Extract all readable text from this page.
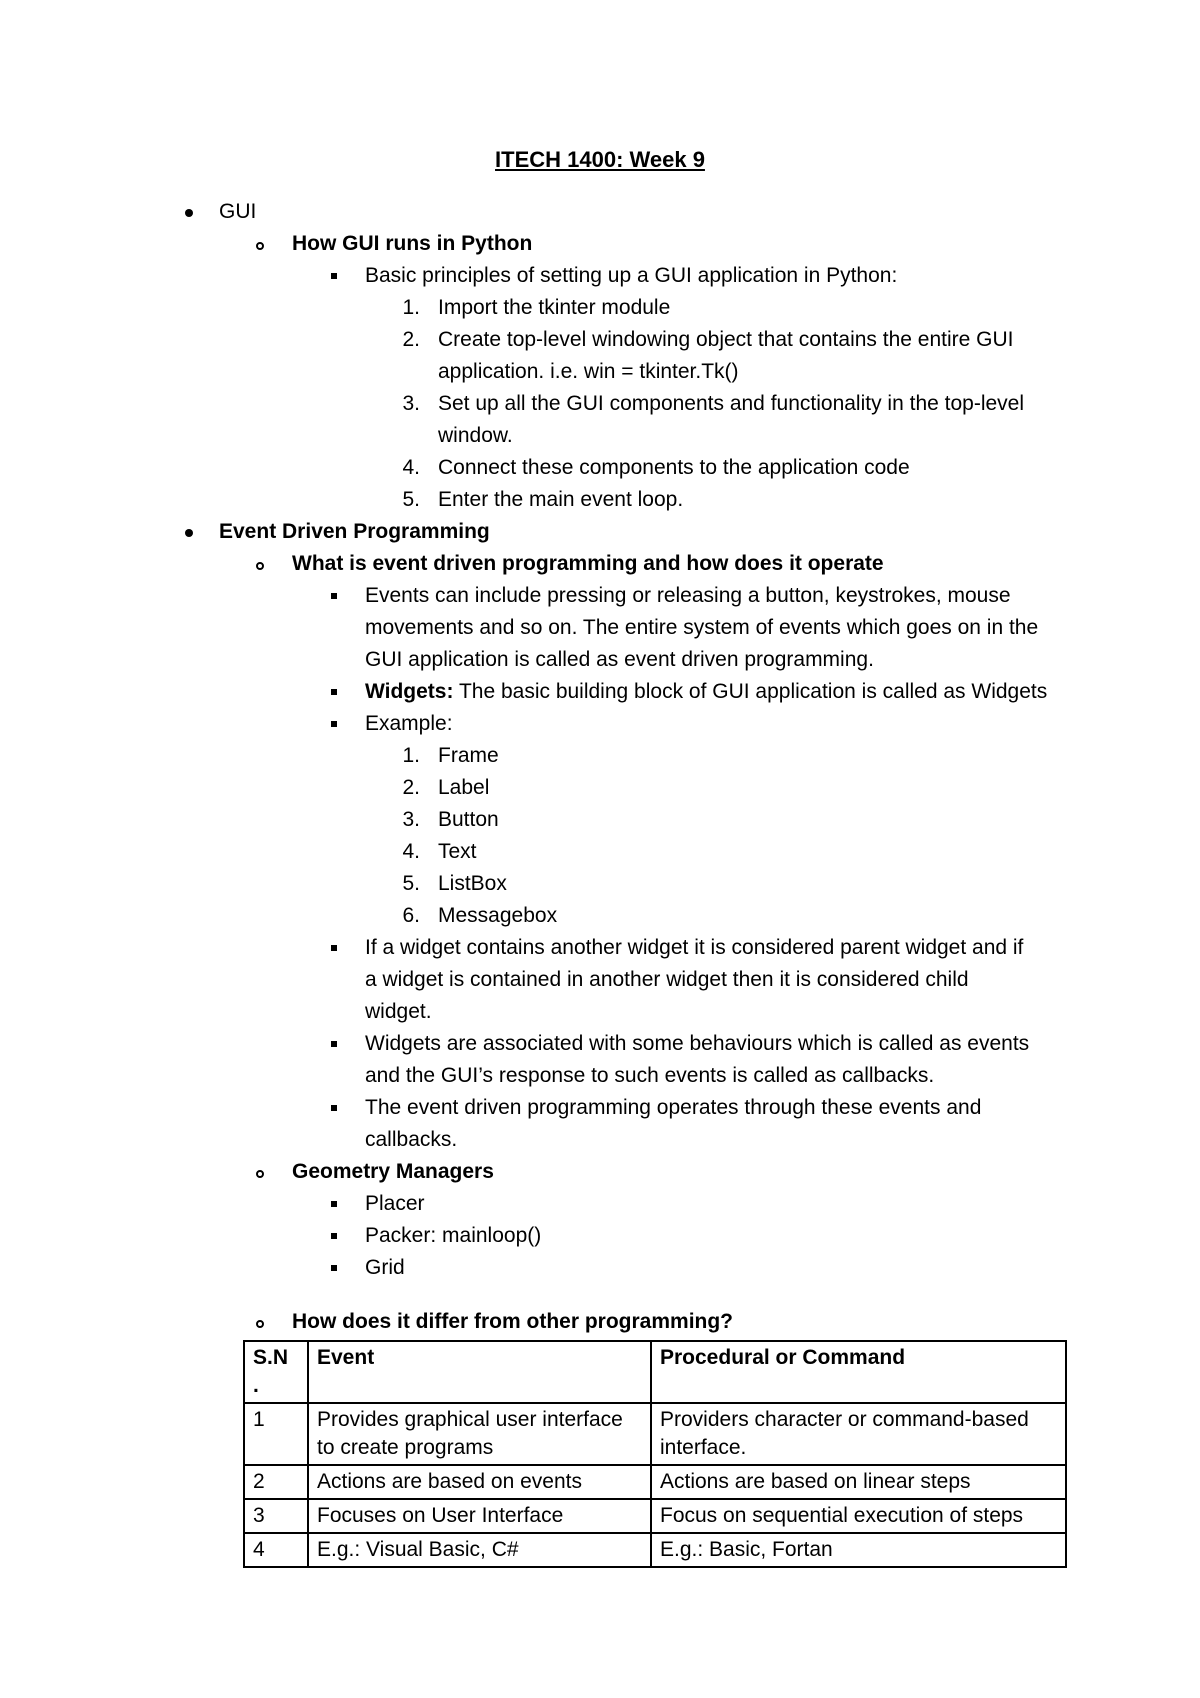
ITECH 1400: Week 9
GUI
How GUI runs in Python
Basic principles of setting up a GUI application in Python:
1. Import the tkinter module
2. Create top-level windowing object that contains the entire GUI
application. i.e. win = tkinter.Tk()
3. Set up all the GUI components and functionality in the top-level
window.
4. Connect these components to the application code
5. Enter the main event loop.
Event Driven Programming
What is event driven programming and how does it operate
Events can include pressing or releasing a button, keystrokes, mouse
movements and so on. The entire system of events which goes on in the
GUI application is called as event driven programming.
Widgets: The basic building block of GUI application is called as Widgets
Example:
1. Frame
2. Label
3. Button
4. Text
5. ListBox
6. Messagebox
If a widget contains another widget it is considered parent widget and if
a widget is contained in another widget then it is considered child
widget.
Widgets are associated with some behaviours which is called as events
and the GUI’s response to such events is called as callbacks.
The event driven programming operates through these events and
callbacks.
Geometry Managers
Placer
Packer: mainloop()
Grid
How does it differ from other programming?
S.N
.	Event	Procedural or Command
1	Provides graphical user interface to create programs	Providers character or command-based interface.
2	Actions are based on events	Actions are based on linear steps
3	Focuses on User Interface	Focus on sequential execution of steps
4	E.g.: Visual Basic, C#	E.g.: Basic, Fortan
